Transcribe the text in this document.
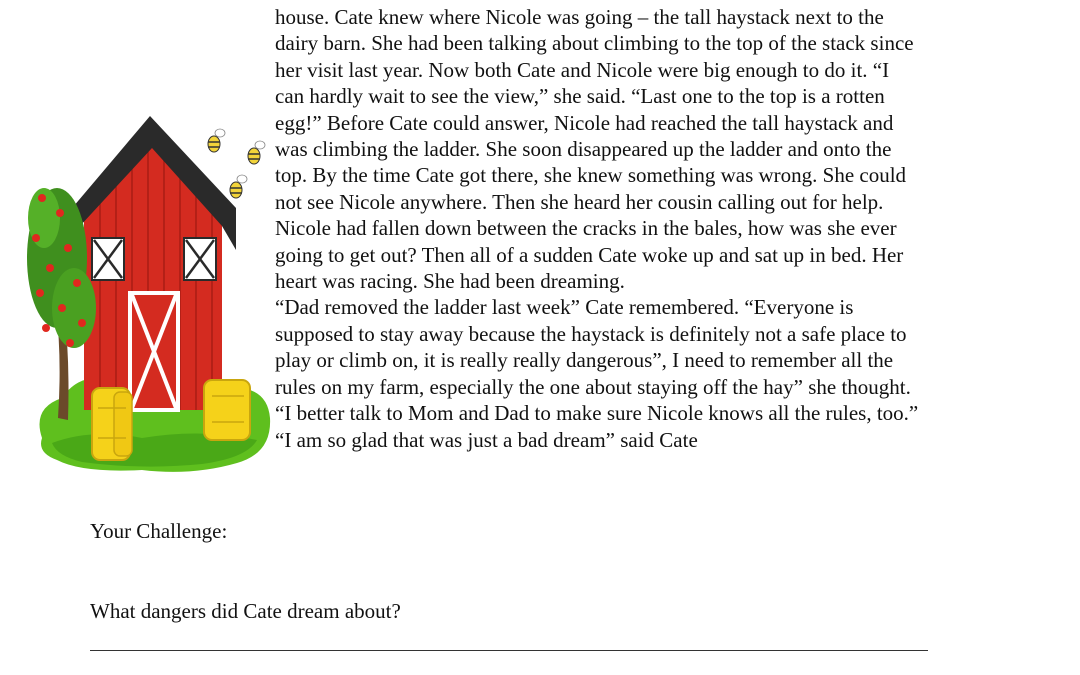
house. Cate knew where Nicole was going – the tall haystack next to the
dairy barn. She had been talking about climbing to the top of the stack since
her visit last year. Now both Cate and Nicole were big enough to do it. “I
can hardly wait to see the view,” she said. “Last one to the top is a rotten
egg!” Before Cate could answer, Nicole had reached the tall haystack and
was climbing the ladder. She soon disappeared up the ladder and onto the
top. By the time Cate got there, she knew something was wrong. She could
not see Nicole anywhere. Then she heard her cousin calling out for help.
Nicole had fallen down between the cracks in the bales, how was she ever
going to get out? Then all of a sudden Cate woke up and sat up in bed. Her
heart was racing. She had been dreaming.
“Dad removed the ladder last week” Cate remembered. “Everyone is
supposed to stay away because the haystack is definitely not a safe place to
play or climb on, it is really really dangerous”, I need to remember all the
rules on my farm, especially the one about staying off the hay” she thought.
“I better talk to Mom and Dad to make sure Nicole knows all the rules, too.”
“I am so glad that was just a bad dream” said Cate
Your Challenge:
What dangers did Cate dream about?
